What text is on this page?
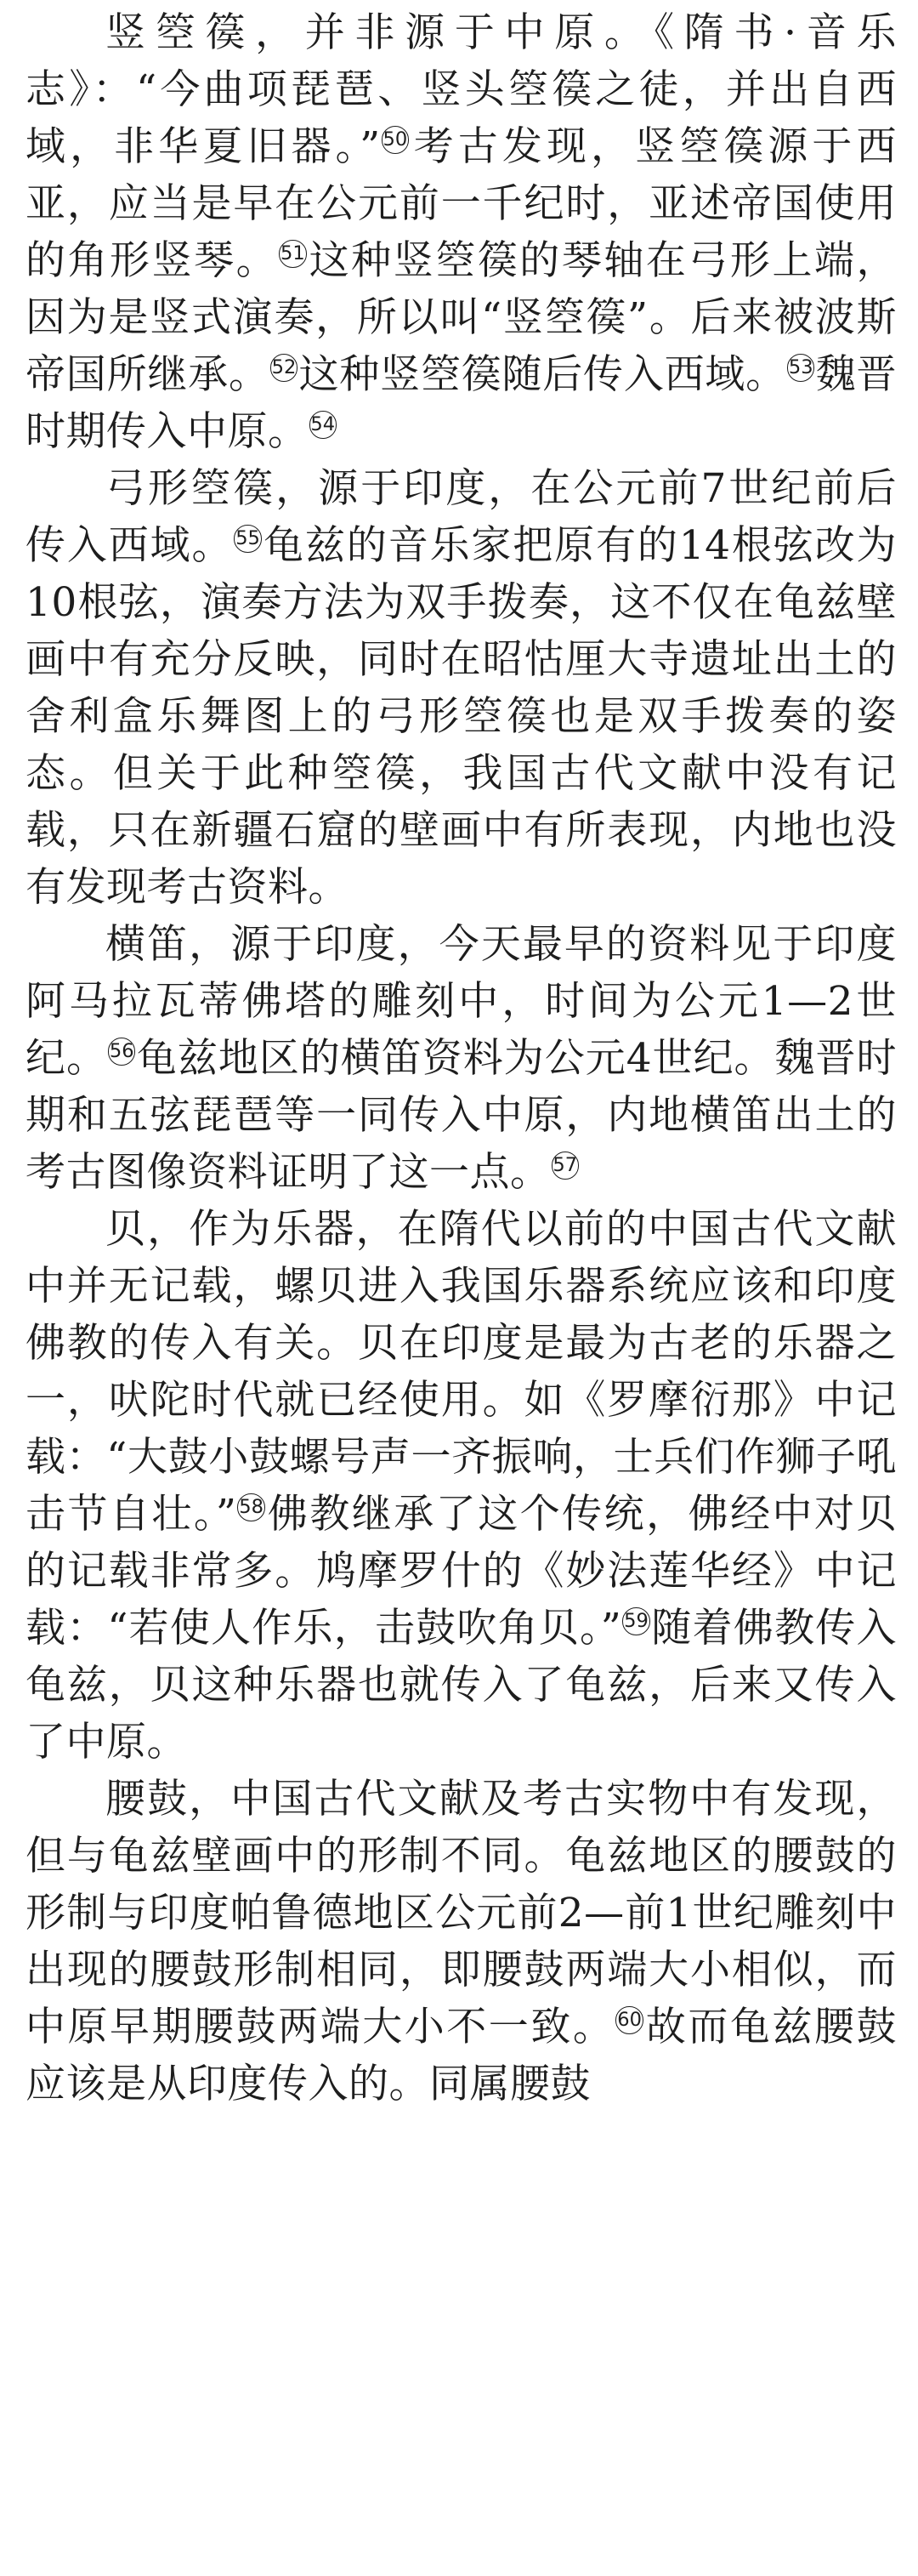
竖箜篌，并非源于中原。《隋书·音乐志》：“今曲项琵琶、竖头箜篌之徒，并出自西域，非华夏旧器。” $^{50}$考古发现，竖箜篌源于西亚，应当是早在公元前一千纪时，亚述帝国使用的角形竖琴。 $^{51}$这种竖箜篌的琴轴在弓形上端，因为是竖式演奏，所以叫“竖箜篌”。后来被波斯帝国所继承。 $^{52}$这种竖箜篌随后传入西域。 $^{53}$魏晋时期传入中原。 $^{54}$

弓形箜篌，源于印度，在公元前7世纪前后传入西域。 $^{55}$龟兹的音乐家把原有的14根弦改为10根弦，演奏方法为双手拨奏，这不仅在龟兹壁画中有充分反映，同时在昭怙厘大寺遗址出土的舍利盒乐舞图上的弓形箜篌也是双手拨奏的姿态。但关于此种箜篌，我国古代文献中没有记载，只在新疆石窟的壁画中有所表现，内地也没有发现考古资料。

横笛，源于印度，今天最早的资料见于印度阿马拉瓦蒂佛塔的雕刻中，时间为公元1—2世纪。 $^{56}$龟兹地区的横笛资料为公元4世纪。魏晋时期和五弦琵琶等一同传入中原，内地横笛出土的考古图像资料证明了这一点。 $^{57}$

贝，作为乐器，在隋代以前的中国古代文献中并无记载，螺贝进入我国乐器系统应该和印度佛教的传入有关。贝在印度是最为古老的乐器之一，吠陀时代就已经使用。如《罗摩衍那》中记载：“大鼓小鼓螺号声一齐振响，士兵们作狮子吼击节自壮。” $^{58}$佛教继承了这个传统，佛经中对贝的记载非常多。鸠摩罗什的《妙法莲华经》中记载：“若使人作乐，击鼓吹角贝。” $^{59}$随着佛教传入龟兹，贝这种乐器也就传入了龟兹，后来又传入了中原。

腰鼓，中国古代文献及考古实物中有发现，但与龟兹壁画中的形制不同。龟兹地区的腰鼓的形制与印度帕鲁德地区公元前2—前1世纪雕刻中出现的腰鼓形制相同，即腰鼓两端大小相似，而中原早期腰鼓两端大小不一致。 $^{60}$故而龟兹腰鼓应该是从印度传入的。同属腰鼓
